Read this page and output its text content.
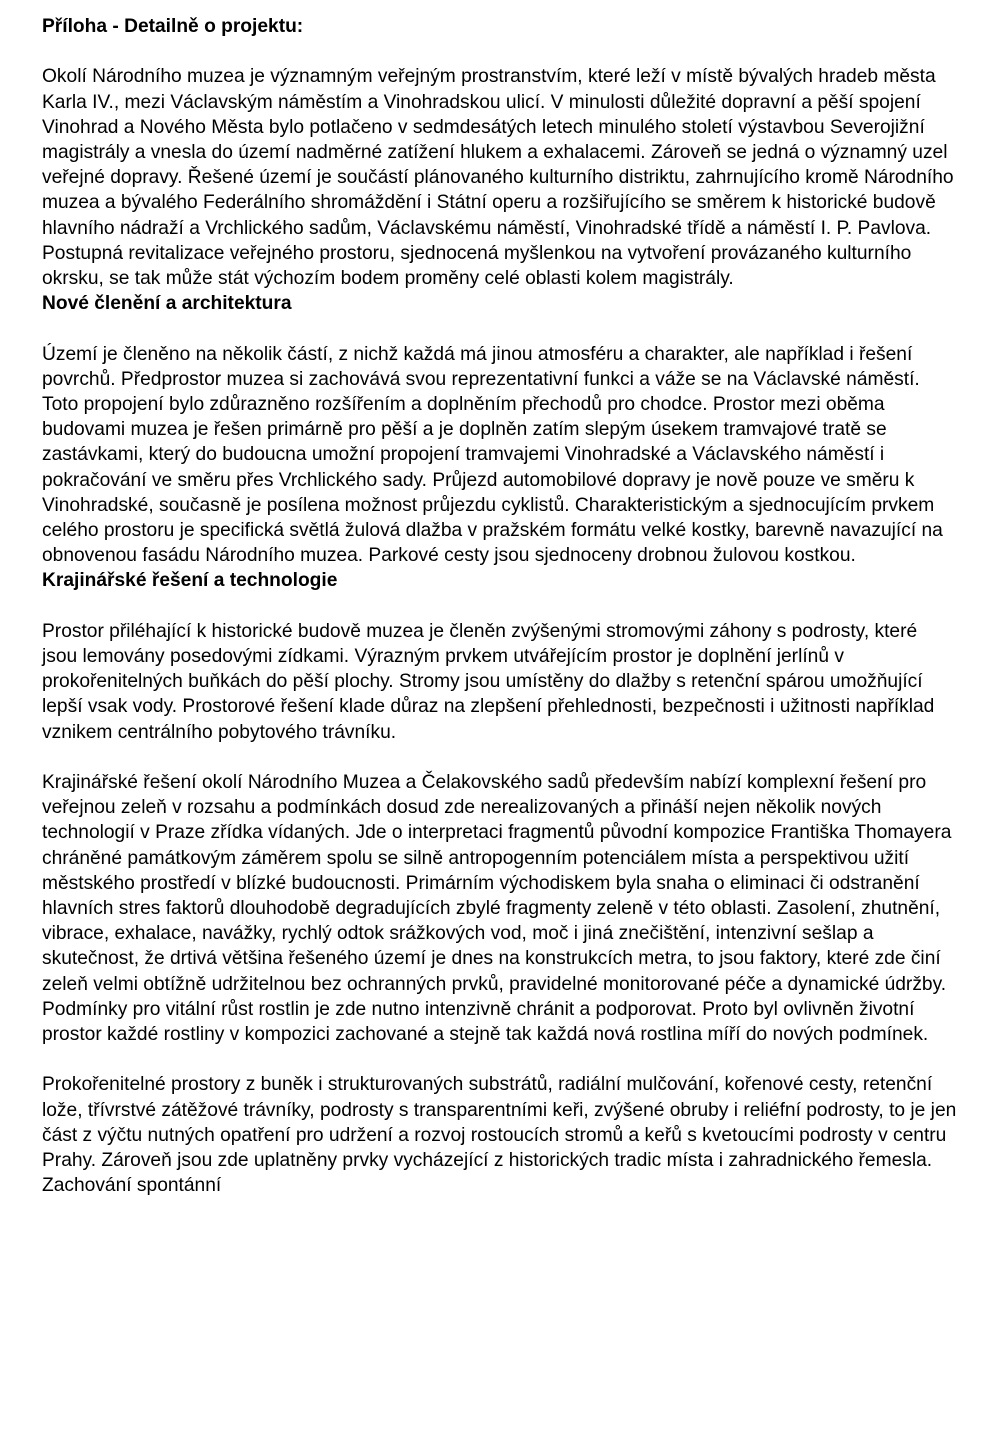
Příloha - Detailně o projektu:

Okolí Národního muzea je významným veřejným prostranstvím, které leží v místě bývalých hradeb města Karla IV., mezi Václavským náměstím a Vinohradskou ulicí. V minulosti důležité dopravní a pěší spojení Vinohrad a Nového Města bylo potlačeno v sedmdesátých letech minulého století výstavbou Severojižní magistrály a vnesla do území nadměrné zatížení hlukem a exhalacemi. Zároveň se jedná o významný uzel veřejné dopravy. Řešené území je součástí plánovaného kulturního distriktu, zahrnujícího kromě Národního muzea a bývalého Federálního shromáždění i Státní operu a rozšiřujícího se směrem k historické budově hlavního nádraží a Vrchlického sadům, Václavskému náměstí, Vinohradské třídě a náměstí I. P. Pavlova. Postupná revitalizace veřejného prostoru, sjednocená myšlenkou na vytvoření provázaného kulturního okrsku, se tak může stát výchozím bodem proměny celé oblasti kolem magistrály.

Nové členění a architektura

Území je členěno na několik částí, z nichž každá má jinou atmosféru a charakter, ale například i řešení povrchů. Předprostor muzea si zachovává svou reprezentativní funkci a váže se na Václavské náměstí. Toto propojení bylo zdůrazněno rozšířením a doplněním přechodů pro chodce. Prostor mezi oběma budovami muzea je řešen primárně pro pěší a je doplněn zatím slepým úsekem tramvajové tratě se zastávkami, který do budoucna umožní propojení tramvajemi Vinohradské a Václavského náměstí i pokračování ve směru přes Vrchlického sady. Průjezd automobilové dopravy je nově pouze ve směru k Vinohradské, současně je posílena možnost průjezdu cyklistů. Charakteristickým a sjednocujícím prvkem celého prostoru je specifická světlá žulová dlažba v pražském formátu velké kostky, barevně navazující na obnovenou fasádu Národního muzea. Parkové cesty jsou sjednoceny drobnou žulovou kostkou.

Krajinářské řešení a technologie

Prostor přiléhající k historické budově muzea je členěn zvýšenými stromovými záhony s podrosty, které jsou lemovány posedovými zídkami. Výrazným prvkem utvářejícím prostor je doplnění jerlínů v prokořenitelných buňkách do pěší plochy. Stromy jsou umístěny do dlažby s retenční spárou umožňující lepší vsak vody. Prostorové řešení klade důraz na zlepšení přehlednosti, bezpečnosti i užitnosti například vznikem centrálního pobytového trávníku.

Krajinářské řešení okolí Národního Muzea a Čelakovského sadů především nabízí komplexní řešení pro veřejnou zeleň v rozsahu a podmínkách dosud zde nerealizovaných a přináší nejen několik nových technologií v Praze zřídka vídaných. Jde o interpretaci fragmentů původní kompozice Františka Thomayera chráněné památkovým záměrem spolu se silně antropogenním potenciálem místa a perspektivou užití městského prostředí v blízké budoucnosti. Primárním východiskem byla snaha o eliminaci či odstranění hlavních stres faktorů dlouhodobě degradujících zbylé fragmenty zeleně v této oblasti. Zasolení, zhutnění, vibrace, exhalace, navážky, rychlý odtok srážkových vod, moč i jiná znečištění, intenzivní sešlap a skutečnost, že drtivá většina řešeného území je dnes na konstrukcích metra, to jsou faktory, které zde činí zeleň velmi obtížně udržitelnou bez ochranných prvků, pravidelné monitorované péče a dynamické údržby. Podmínky pro vitální růst rostlin je zde nutno intenzivně chránit a podporovat. Proto byl ovlivněn životní prostor každé rostliny v kompozici zachované a stejně tak každá nová rostlina míří do nových podmínek.

Prokořenitelné prostory z buněk i strukturovaných substrátů, radiální mulčování, kořenové cesty, retenční lože, třívrstvé zátěžové trávníky, podrosty s transparentními keři, zvýšené obruby i reliéfní podrosty, to je jen část z výčtu nutných opatření pro udržení a rozvoj rostoucích stromů a keřů s kvetoucími podrosty v centru Prahy. Zároveň jsou zde uplatněny prvky vycházející z historických tradic místa i zahradnického řemesla. Zachování spontánní
